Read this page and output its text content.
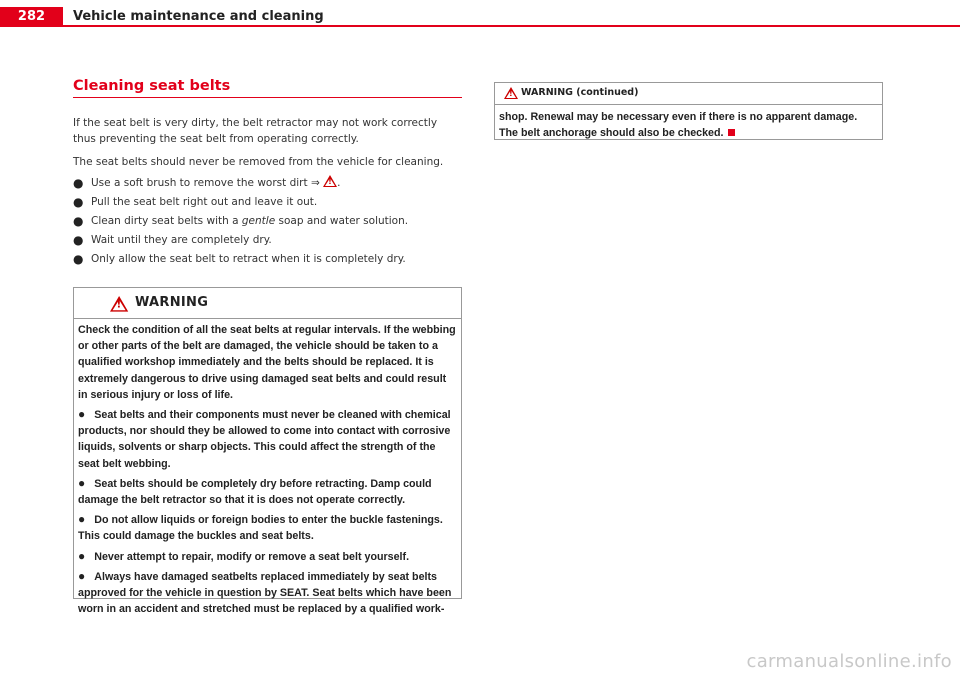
282	Vehicle maintenance and cleaning
Cleaning seat belts
If the seat belt is very dirty, the belt retractor may not work correctly thus preventing the seat belt from operating correctly.
The seat belts should never be removed from the vehicle for cleaning.
● Use a soft brush to remove the worst dirt ⇒ ! .
● Pull the seat belt right out and leave it out.
● Clean dirty seat belts with a gentle soap and water solution.
● Wait until they are completely dry.
● Only allow the seat belt to retract when it is completely dry.
!
WARNING

Check the condition of all the seat belts at regular intervals. If the webbing or other parts of the belt are damaged, the vehicle should be taken to a qualified workshop immediately and the belts should be replaced. It is extremely dangerous to drive using damaged seat belts and could result in serious injury or loss of life.

● Seat belts and their components must never be cleaned with chemical products, nor should they be allowed to come into contact with corrosive liquids, solvents or sharp objects. This could affect the strength of the seat belt webbing.

● Seat belts should be completely dry before retracting. Damp could damage the belt retractor so that it is does not operate correctly.

● Do not allow liquids or foreign bodies to enter the buckle fastenings. This could damage the buckles and seat belts.

● Never attempt to repair, modify or remove a seat belt yourself.

● Always have damaged seatbelts replaced immediately by seat belts approved for the vehicle in question by SEAT. Seat belts which have been worn in an accident and stretched must be replaced by a qualified work-

!
WARNING (continued)
shop. Renewal may be necessary even if there is no apparent damage. The belt anchorage should also be checked.
carmanualsonline.info
